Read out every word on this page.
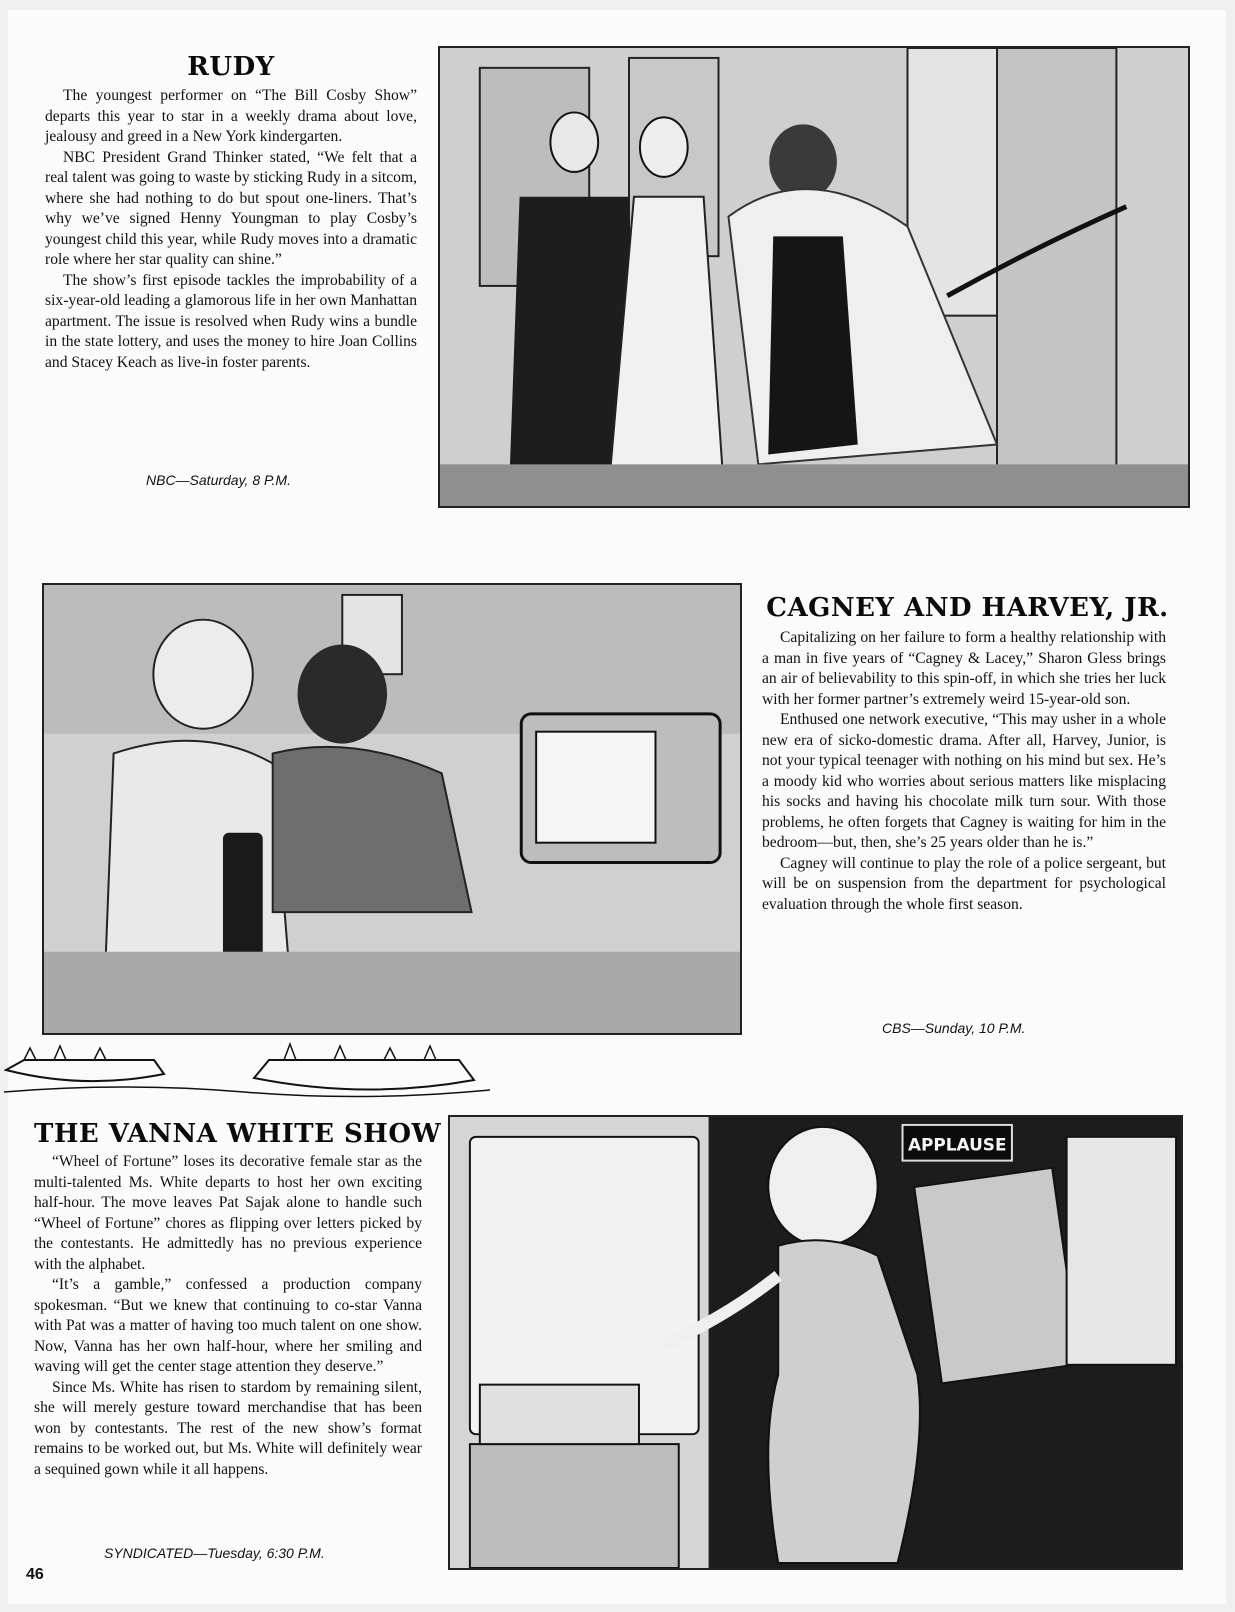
RUDY

The youngest performer on “The Bill Cosby Show” departs this year to star in a weekly drama about love, jealousy and greed in a New York kindergarten.

NBC President Grand Thinker stated, “We felt that a real talent was going to waste by sticking Rudy in a sitcom, where she had nothing to do but spout one-liners. That’s why we’ve signed Henny Youngman to play Cosby’s youngest child this year, while Rudy moves into a dramatic role where her star quality can shine.”

The show’s first episode tackles the improbability of a six-year-old leading a glamorous life in her own Manhattan apartment. The issue is resolved when Rudy wins a bundle in the state lottery, and uses the money to hire Joan Collins and Stacey Keach as live-in foster parents.

NBC—Saturday, 8 P.M.
CAGNEY AND HARVEY, JR.

Capitalizing on her failure to form a healthy relationship with a man in five years of “Cagney & Lacey,” Sharon Gless brings an air of believability to this spin-off, in which she tries her luck with her former partner’s extremely weird 15-year-old son.

Enthused one network executive, “This may usher in a whole new era of sicko-domestic drama. After all, Harvey, Junior, is not your typical teenager with nothing on his mind but sex. He’s a moody kid who worries about serious matters like misplacing his socks and having his chocolate milk turn sour. With those problems, he often forgets that Cagney is waiting for him in the bedroom—but, then, she’s 25 years older than he is.”

Cagney will continue to play the role of a police sergeant, but will be on suspension from the department for psychological evaluation through the whole first season.

CBS—Sunday, 10 P.M.
THE VANNA WHITE SHOW

“Wheel of Fortune” loses its decorative female star as the multi-talented Ms. White departs to host her own exciting half-hour. The move leaves Pat Sajak alone to handle such “Wheel of Fortune” chores as flipping over letters picked by the contestants. He admittedly has no previous experience with the alphabet.

“It’s a gamble,” confessed a production company spokesman. “But we knew that continuing to co-star Vanna with Pat was a matter of having too much talent on one show. Now, Vanna has her own half-hour, where her smiling and waving will get the center stage attention they deserve.”

Since Ms. White has risen to stardom by remaining silent, she will merely gesture toward merchandise that has been won by contestants. The rest of the new show’s format remains to be worked out, but Ms. White will definitely wear a sequined gown while it all happens.

SYNDICATED—Tuesday, 6:30 P.M.
APPLAUSE
46
